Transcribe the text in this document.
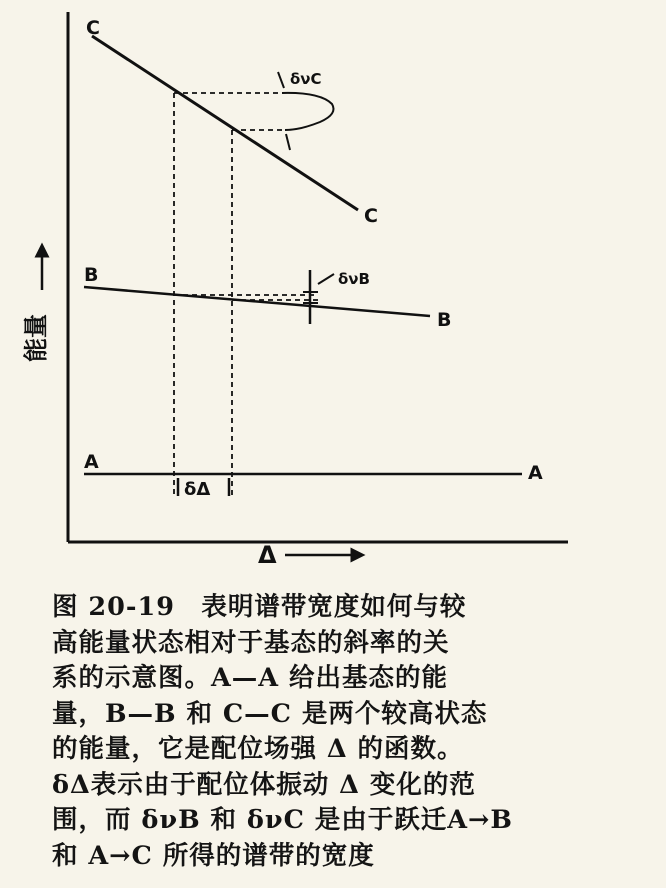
能量
Δ
A	A
B
B
C
C
δνC
δνB
δΔ
图 20-19　表明谱带宽度如何与较
高能量状态相对于基态的斜率的关
系的示意图。A—A 给出基态的能
量，B—B 和 C—C 是两个较高状态
的能量，它是配位场强 Δ 的函数。
δΔ表示由于配位体振动 Δ 变化的范
围，而 δνB 和 δνC 是由于跃迁A→B
和 A→C 所得的谱带的宽度
